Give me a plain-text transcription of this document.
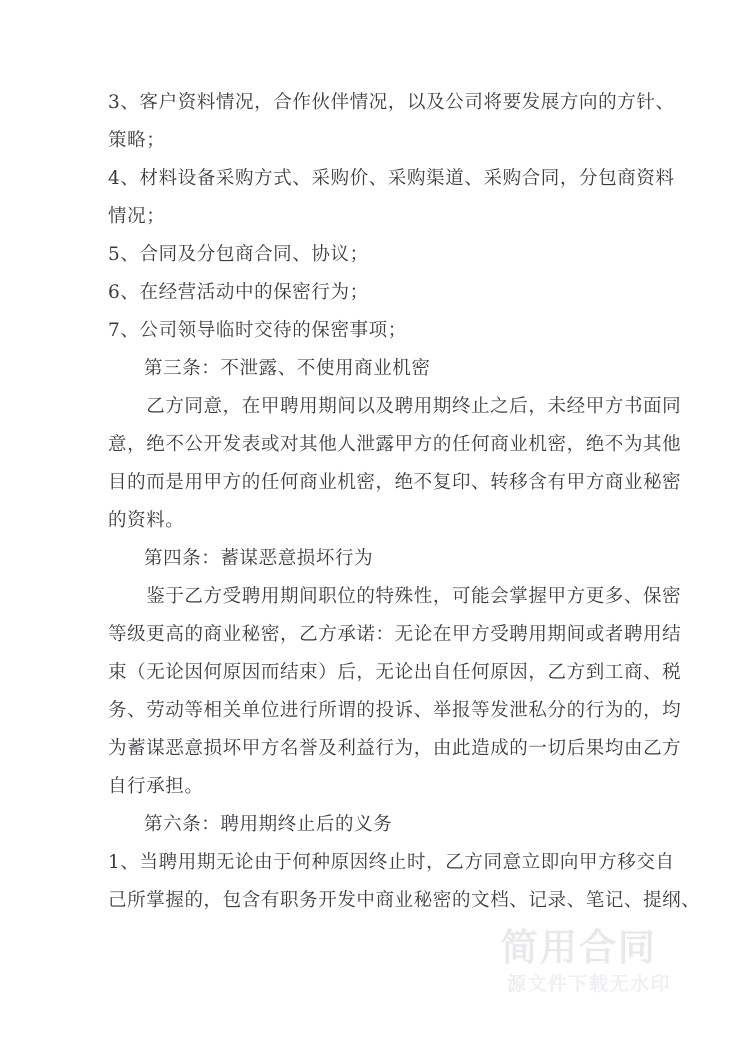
3 、 客 户 资 料 情 况 ， 合 作 伙 伴 情 况 ， 以 及 公 司 将 要 发 展 方 向 的 方 针 、
策略；
4 、 材 料 设 备 采 购 方 式 、 采 购 价 、 采 购 渠 道 、 采 购 合 同 ， 分 包 商 资 料
情况；
5、合同及分包商合同、协议；
6、在经营活动中的保密行为；
7、公司领导临时交待的保密事项；
第三条：不泄露、不使用商业机密

乙 方 同 意 ， 在 甲 聘 用 期 间 以 及 聘 用 期 终 止 之 后 ， 未 经 甲 方 书 面 同
意 ， 绝 不 公 开 发 表 或 对 其 他 人 泄 露 甲 方 的 任 何 商 业 机 密 ， 绝 不 为 其 他
目 的 而 是 用 甲 方 的 任 何 商 业 机 密 ， 绝 不 复 印 、 转 移 含 有 甲 方 商 业 秘 密
的资料。
第四条：蓄谋恶意损坏行为

鉴 于 乙 方 受 聘 用 期 间 职 位 的 特 殊 性 ， 可 能 会 掌 握 甲 方 更 多 、 保 密
等 级 更 高 的 商 业 秘 密 ， 乙 方 承 诺 ： 无 论 在 甲 方 受 聘 用 期 间 或 者 聘 用 结
束 （ 无 论 因 何 原 因 而 结 束 ） 后 ， 无 论 出 自 任 何 原 因 ， 乙 方 到 工 商 、 税
务 、 劳 动 等 相 关 单 位 进 行 所 谓 的 投 诉 、 举 报 等 发 泄 私 分 的 行 为 的 ， 均
为 蓄 谋 恶 意 损 坏 甲 方 名 誉 及 利 益 行 为 ， 由 此 造 成 的 一 切 后 果 均 由 乙 方
自行承担。
第六条：聘用期终止后的义务
1 、 当 聘 用 期 无 论 由 于 何 种 原 因 终 止 时 ， 乙 方 同 意 立 即 向 甲 方 移 交 自
己 所 掌 握 的 ， 包 含 有 职 务 开 发 中 商 业 秘 密 的 文 档 、 记 录 、 笔 记 、 提 纲 、
简用合同
源文件下载无水印
